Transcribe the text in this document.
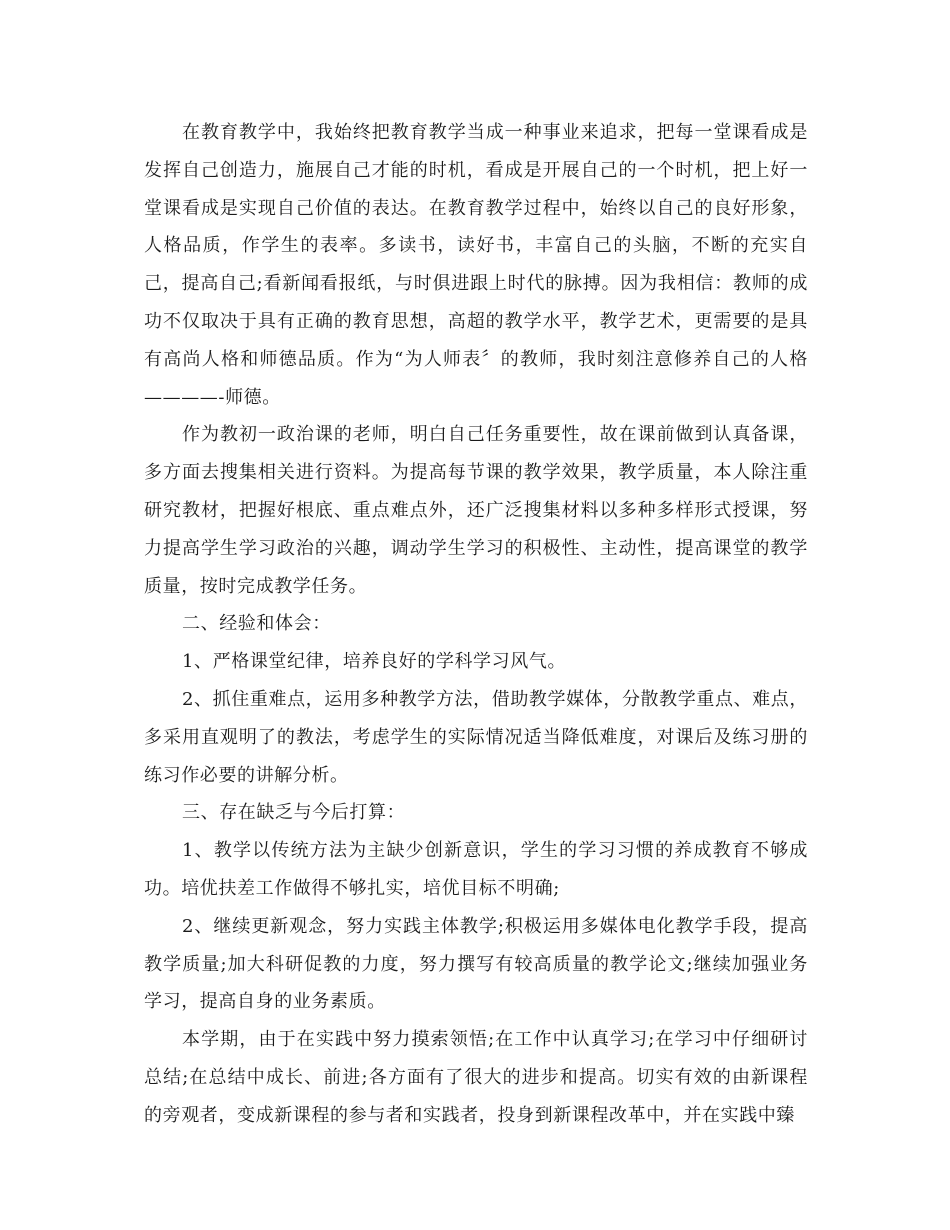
在教育教学中，我始终把教育教学当成一种事业来追求，把每一堂课看成是发挥自己创造力，施展自己才能的时机，看成是开展自己的一个时机，把上好一堂课看成是实现自己价值的表达。在教育教学过程中，始终以自己的良好形象，人格品质，作学生的表率。多读书，读好书，丰富自己的头脑，不断的充实自己，提高自己;看新闻看报纸，与时俱进跟上时代的脉搏。因为我相信：教师的成功不仅取决于具有正确的教育思想，高超的教学水平，教学艺术，更需要的是具有高尚人格和师德品质。作为“为人师表〞的教师，我时刻注意修养自己的人格————-师德。

作为教初一政治课的老师，明白自己任务重要性，故在课前做到认真备课，多方面去搜集相关进行资料。为提高每节课的教学效果，教学质量，本人除注重研究教材，把握好根底、重点难点外，还广泛搜集材料以多种多样形式授课，努力提高学生学习政治的兴趣，调动学生学习的积极性、主动性，提高课堂的教学质量，按时完成教学任务。

二、经验和体会：

1、严格课堂纪律，培养良好的学科学习风气。

2、抓住重难点，运用多种教学方法，借助教学媒体，分散教学重点、难点，多采用直观明了的教法，考虑学生的实际情况适当降低难度，对课后及练习册的练习作必要的讲解分析。

三、存在缺乏与今后打算：

1、教学以传统方法为主缺少创新意识，学生的学习习惯的养成教育不够成功。培优扶差工作做得不够扎实，培优目标不明确;

2、继续更新观念，努力实践主体教学;积极运用多媒体电化教学手段，提高教学质量;加大科研促教的力度，努力撰写有较高质量的教学论文;继续加强业务学习，提高自身的业务素质。

本学期，由于在实践中努力摸索领悟;在工作中认真学习;在学习中仔细研讨总结;在总结中成长、前进;各方面有了很大的进步和提高。切实有效的由新课程的旁观者，变成新课程的参与者和实践者，投身到新课程改革中，并在实践中臻
